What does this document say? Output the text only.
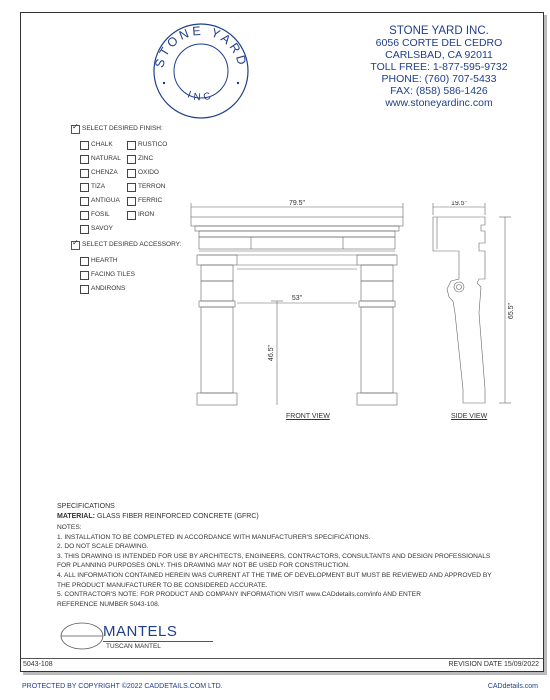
STONE YARD
INC
STONE YARD INC.
6056 CORTE DEL CEDRO
CARLSBAD, CA 92011
TOLL FREE: 1-877-595-9732
PHONE: (760) 707-5433
FAX: (858) 586-1426
www.stoneyardinc.com
✓
SELECT DESIRED FINISH:
CHALK
NATURAL
CHENZA
TIZA
ANTIGUA
FOSIL
SAVOY
RUSTICO
ZINC
OXIDO
TERRON
FERRIC
IRON
✓
SELECT DESIRED ACCESSORY:
HEARTH
FACING TILES
ANDIRONS
79.5"
53"
46.5"
FRONT VIEW
19.5"
65.5"
SIDE VIEW
SPECIFICATIONS
MATERIAL: GLASS FIBER REINFORCED CONCRETE (GFRC)
NOTES:
1. INSTALLATION TO BE COMPLETED IN ACCORDANCE WITH MANUFACTURER'S SPECIFICATIONS.
2. DO NOT SCALE DRAWING.
3. THIS DRAWING IS INTENDED FOR USE BY ARCHITECTS, ENGINEERS, CONTRACTORS, CONSULTANTS AND DESIGN PROFESSIONALS
FOR PLANNING PURPOSES ONLY. THIS DRAWING MAY NOT BE USED FOR CONSTRUCTION.
4. ALL INFORMATION CONTAINED HEREIN WAS CURRENT AT THE TIME OF DEVELOPMENT BUT MUST BE REVIEWED AND APPROVED BY
THE PRODUCT MANUFACTURER TO BE CONSIDERED ACCURATE.
5. CONTRACTOR'S NOTE: FOR PRODUCT AND COMPANY INFORMATION VISIT www.CADdetails.com/info AND ENTER
REFERENCE NUMBER 5043-108.
MANTELS
TUSCAN MANTEL
5043-108	REVISION DATE 15/09/2022
PROTECTED BY COPYRIGHT ©2022 CADDETAILS.COM LTD.	CADdetails.com
